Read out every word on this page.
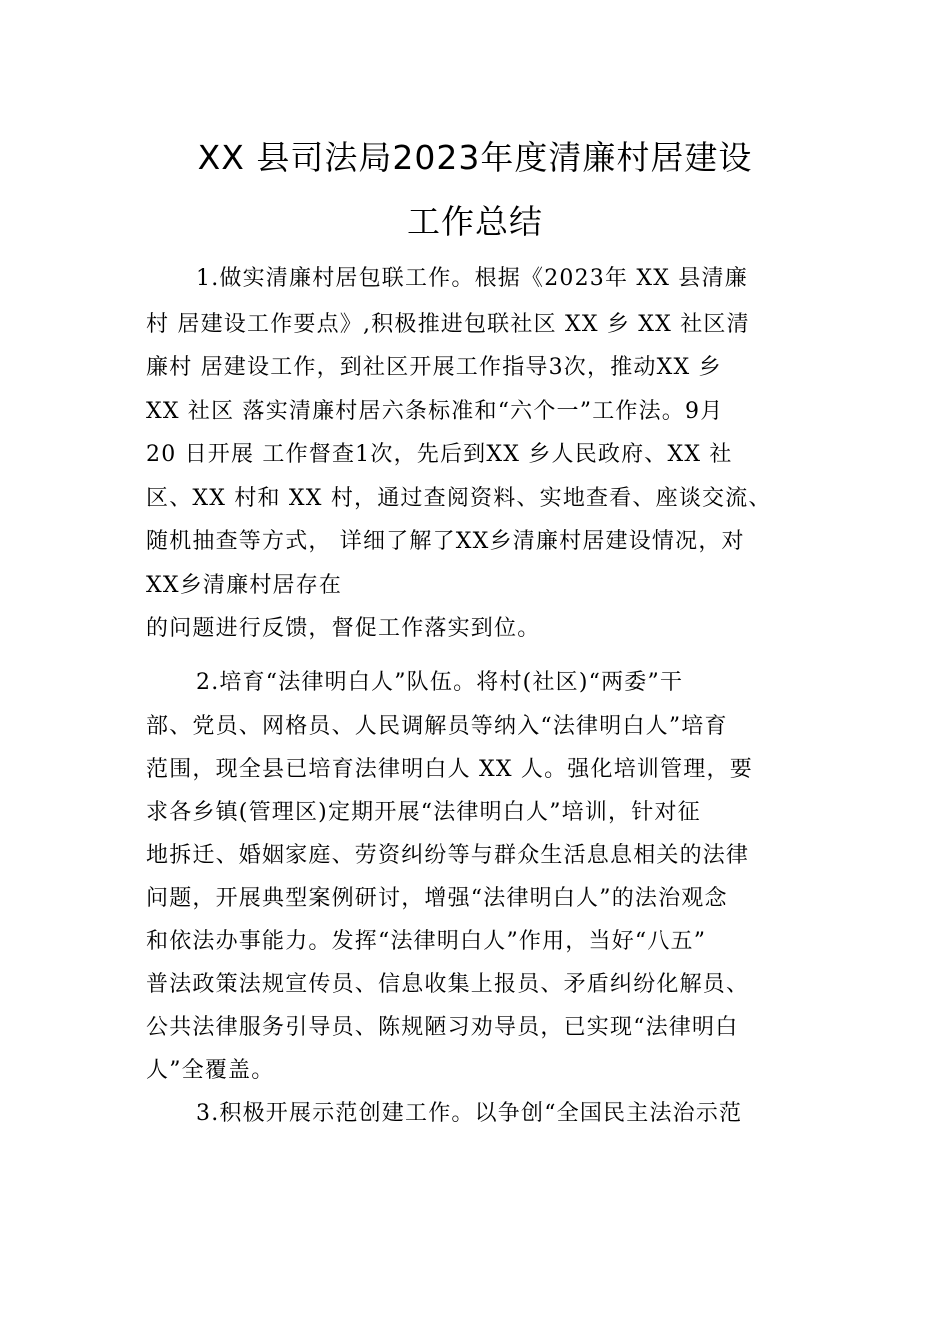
XX 县司法局2023年度清廉村居建设
工作总结
1.做实清廉村居包联工作。根据《2023年 XX 县清廉
村 居建设工作要点》,积极推进包联社区 XX 乡 XX 社区清
廉村 居建设工作，到社区开展工作指导3次，推动XX 乡
XX 社区 落实清廉村居六条标准和“六个一”工作法。9月
20 日开展 工作督查1次，先后到XX 乡人民政府、XX 社
区、XX 村和 XX 村，通过查阅资料、实地查看、座谈交流、
随机抽查等方式， 详细了解了XX乡清廉村居建设情况，对
XX乡清廉村居存在
的问题进行反馈，督促工作落实到位。
2.培育“法律明白人”队伍。将村(社区)“两委”干
部、党员、网格员、人民调解员等纳入“法律明白人”培育
范围，现全县已培育法律明白人 XX 人。强化培训管理，要
求各乡镇(管理区)定期开展“法律明白人”培训，针对征
地拆迁、婚姻家庭、劳资纠纷等与群众生活息息相关的法律
问题，开展典型案例研讨，增强“法律明白人”的法治观念
和依法办事能力。发挥“法律明白人”作用，当好“八五”
普法政策法规宣传员、信息收集上报员、矛盾纠纷化解员、
公共法律服务引导员、陈规陋习劝导员，已实现“法律明白
人”全覆盖。
3.积极开展示范创建工作。以争创“全国民主法治示范
